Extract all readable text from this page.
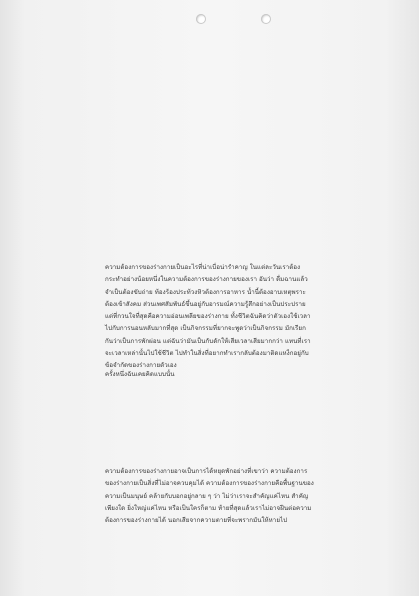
ความต้องการของร่างกายเป็นอะไรที่น่าเบื่อน่ารำคาญ ในแต่ละวันเราต้อง

กระทำอย่างน้อยหนึ่งในความต้องการของร่างกายของเรา อันว่า ดื่มฉานแล้ว

จำเป็นต้องขับถ่าย ท้องร้องประท้วงหิวต้องการอาหาร น้ำนี้ต้องอาบเหตุพราะ

ต้องเข้าสังคม ส่วนเพศสัมพันธ์ขึ้นอยู่กับอารมณ์ความรู้สึกอย่างเป็นประปราย

แต่ที่กวนใจที่สุดคือความอ่อนเพลียของร่างกาย ทั้งชีวิตฉันคิดว่าตัวเองใช้เวลา

ไปกับการนอนหลับมากที่สุด เป็นกิจกรรมที่ยากจะพูดว่าเป็นกิจกรรม มักเรียก

กันว่าเป็นการพักผ่อน แต่ฉันว่ามันเป็นกับดักให้เสียเวลาเสียมากกว่า แทนที่เรา

จะเวลาเหล่านั้นไปใช้ชีวิต ไปทำในสิ่งที่อยากทำเรากลับต้องมาติดแหง็กอยู่กับ

ข้อจำกัดของร่างกายตัวเอง

ครั้งหนึ่งฉันเคยคิดแบบนั้น

ความต้องการของร่างกายอาจเป็นการได้หยุดพักอย่างที่เขาว่า ความต้องการ

ของร่างกายเป็นสิ่งที่ไม่อาจควบคุมได้ ความต้องการของร่างกายคือพื้นฐานของ

ความเป็นมนุษย์ คล้ายกับบอกอยู่กลาย ๆ ว่า ไม่ว่าเราจะสำคัญแค่ไหน สำคัญ

เพียงใด ยิ่งใหญ่แค่ไหน หรือเป็นใครก็ตาม ท้ายที่สุดแล้วเราไม่อาจฝืนต่อความ

ต้องการของร่างกายได้ นอกเสียจากความตายที่จะพรากมันให้หายไป
